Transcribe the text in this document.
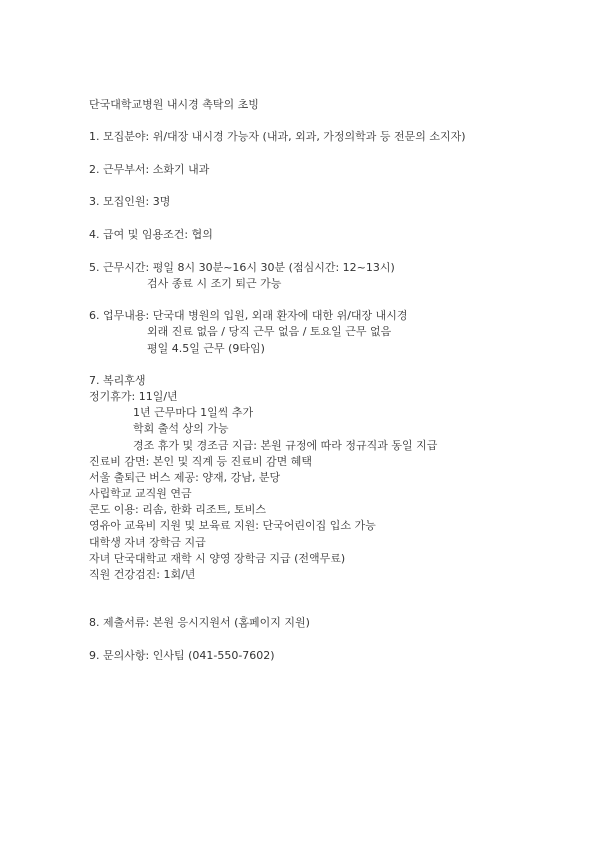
단국대학교병원 내시경 촉탁의 초빙
1. 모집분야: 위/대장 내시경 가능자 (내과, 외과, 가정의학과 등 전문의 소지자)
2. 근무부서: 소화기 내과
3. 모집인원: 3명
4. 급여 및 임용조건: 협의
5. 근무시간: 평일 8시 30분~16시 30분 (점심시간: 12~13시)
검사 종료 시 조기 퇴근 가능
6. 업무내용: 단국대 병원의 입원, 외래 환자에 대한 위/대장 내시경
외래 진료 없음 / 당직 근무 없음 / 토요일 근무 없음
평일 4.5일 근무 (9타임)
7. 복리후생
정기휴가: 11일/년
1년 근무마다 1일씩 추가
학회 출석 상의 가능
경조 휴가 및 경조금 지급: 본원 규정에 따라 정규직과 동일 지급
진료비 감면: 본인 및 직계 등 진료비 감면 혜택
서울 출퇴근 버스 제공: 양재, 강남, 분당
사립학교 교직원 연금
콘도 이용: 리솜, 한화 리조트, 토비스
영유아 교육비 지원 및 보육료 지원: 단국어린이집 입소 가능
대학생 자녀 장학금 지급
자녀 단국대학교 재학 시 양영 장학금 지급 (전액무료)
직원 건강검진: 1회/년
8. 제출서류: 본원 응시지원서 (홈페이지 지원)
9. 문의사항: 인사팀 (041-550-7602)
